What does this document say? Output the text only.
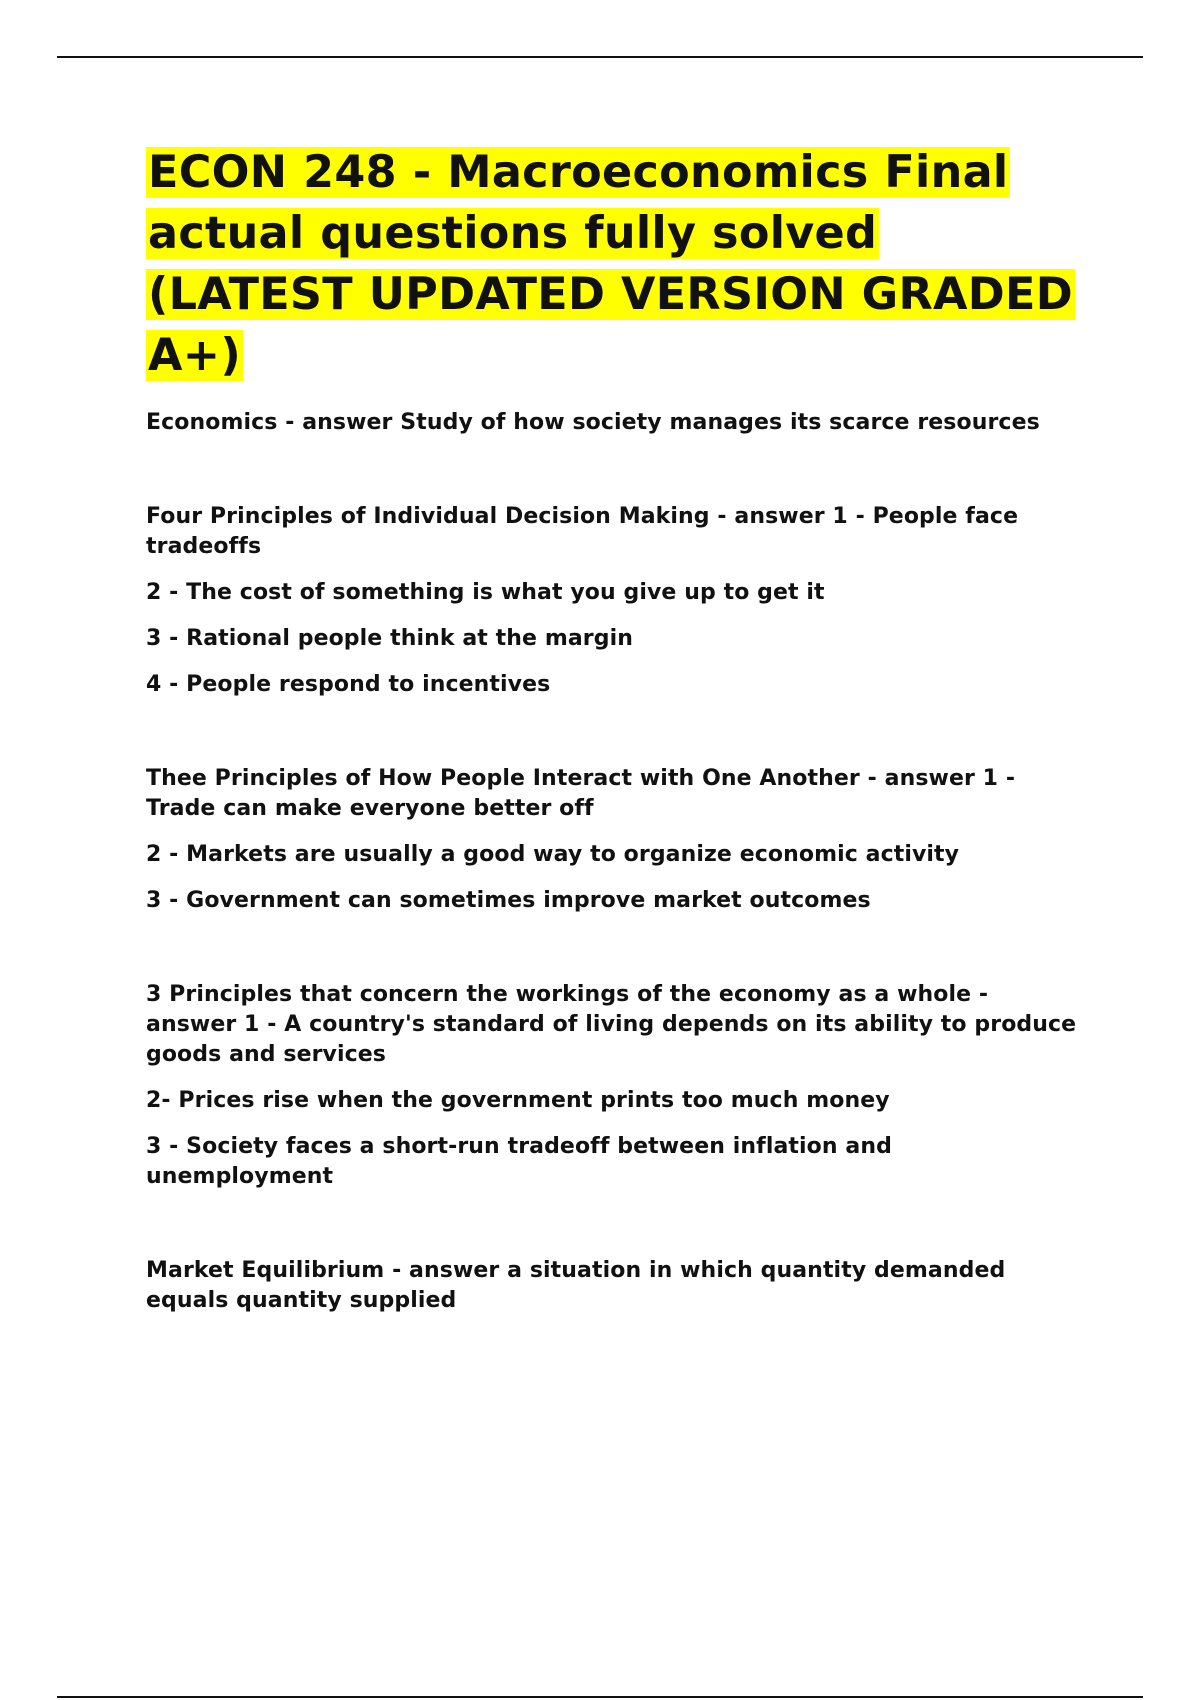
ECON 248 - Macroeconomics Final actual questions fully solved (LATEST UPDATED VERSION GRADED A+)

Economics - answer Study of how society manages its scarce resources

Four Principles of Individual Decision Making - answer 1 - People face tradeoffs

2 - The cost of something is what you give up to get it

3 - Rational people think at the margin

4 - People respond to incentives

Thee Principles of How People Interact with One Another - answer 1 - Trade can make everyone better off

2 - Markets are usually a good way to organize economic activity

3 - Government can sometimes improve market outcomes

3 Principles that concern the workings of the economy as a whole - answer 1 - A country's standard of living depends on its ability to produce goods and services

2- Prices rise when the government prints too much money

3 - Society faces a short-run tradeoff between inflation and unemployment

Market Equilibrium - answer a situation in which quantity demanded equals quantity supplied
